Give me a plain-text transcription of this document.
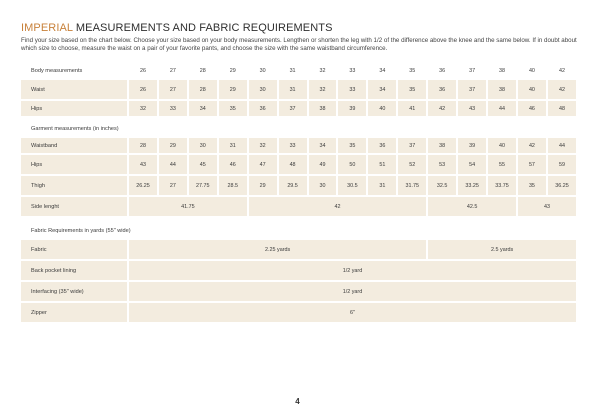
IMPERIAL MEASUREMENTS AND FABRIC REQUIREMENTS
Find your size based on the chart below. Choose your size based on your body measurements. Lengthen or shorten the leg with 1/2 of the difference above the knee and the same below. If in doubt about which size to choose, measure the waist on a pair of your favorite pants, and choose the size with the same waistband circumference.
Body measurements	26	27	28	29	30	31	32	33	34	35	36	37	38	40	42
Waist	26	27	28	29	30	31	32	33	34	35	36	37	38	40	42
Hips	32	33	34	35	36	37	38	39	40	41	42	43	44	46	48
Garment measurements (in inches)															
Waistband	28	29	30	31	32	33	34	35	36	37	38	39	40	42	44
Hips	43	44	45	46	47	48	49	50	51	52	53	54	55	57	59
Thigh	26.25	27	27.75	28.5	29	29.5	30	30.5	31	31.75	32.5	33.25	33.75	35	36.25
Side lenght	41.75				42						42.5			43	
Fabric Requirements in yards (55" wide)		
Fabric	2.25 yards	2.5 yards
Back pocket lining	1/2 yard	
Interfacing (35" wide)	1/2 yard	
Zipper	6"	
4
